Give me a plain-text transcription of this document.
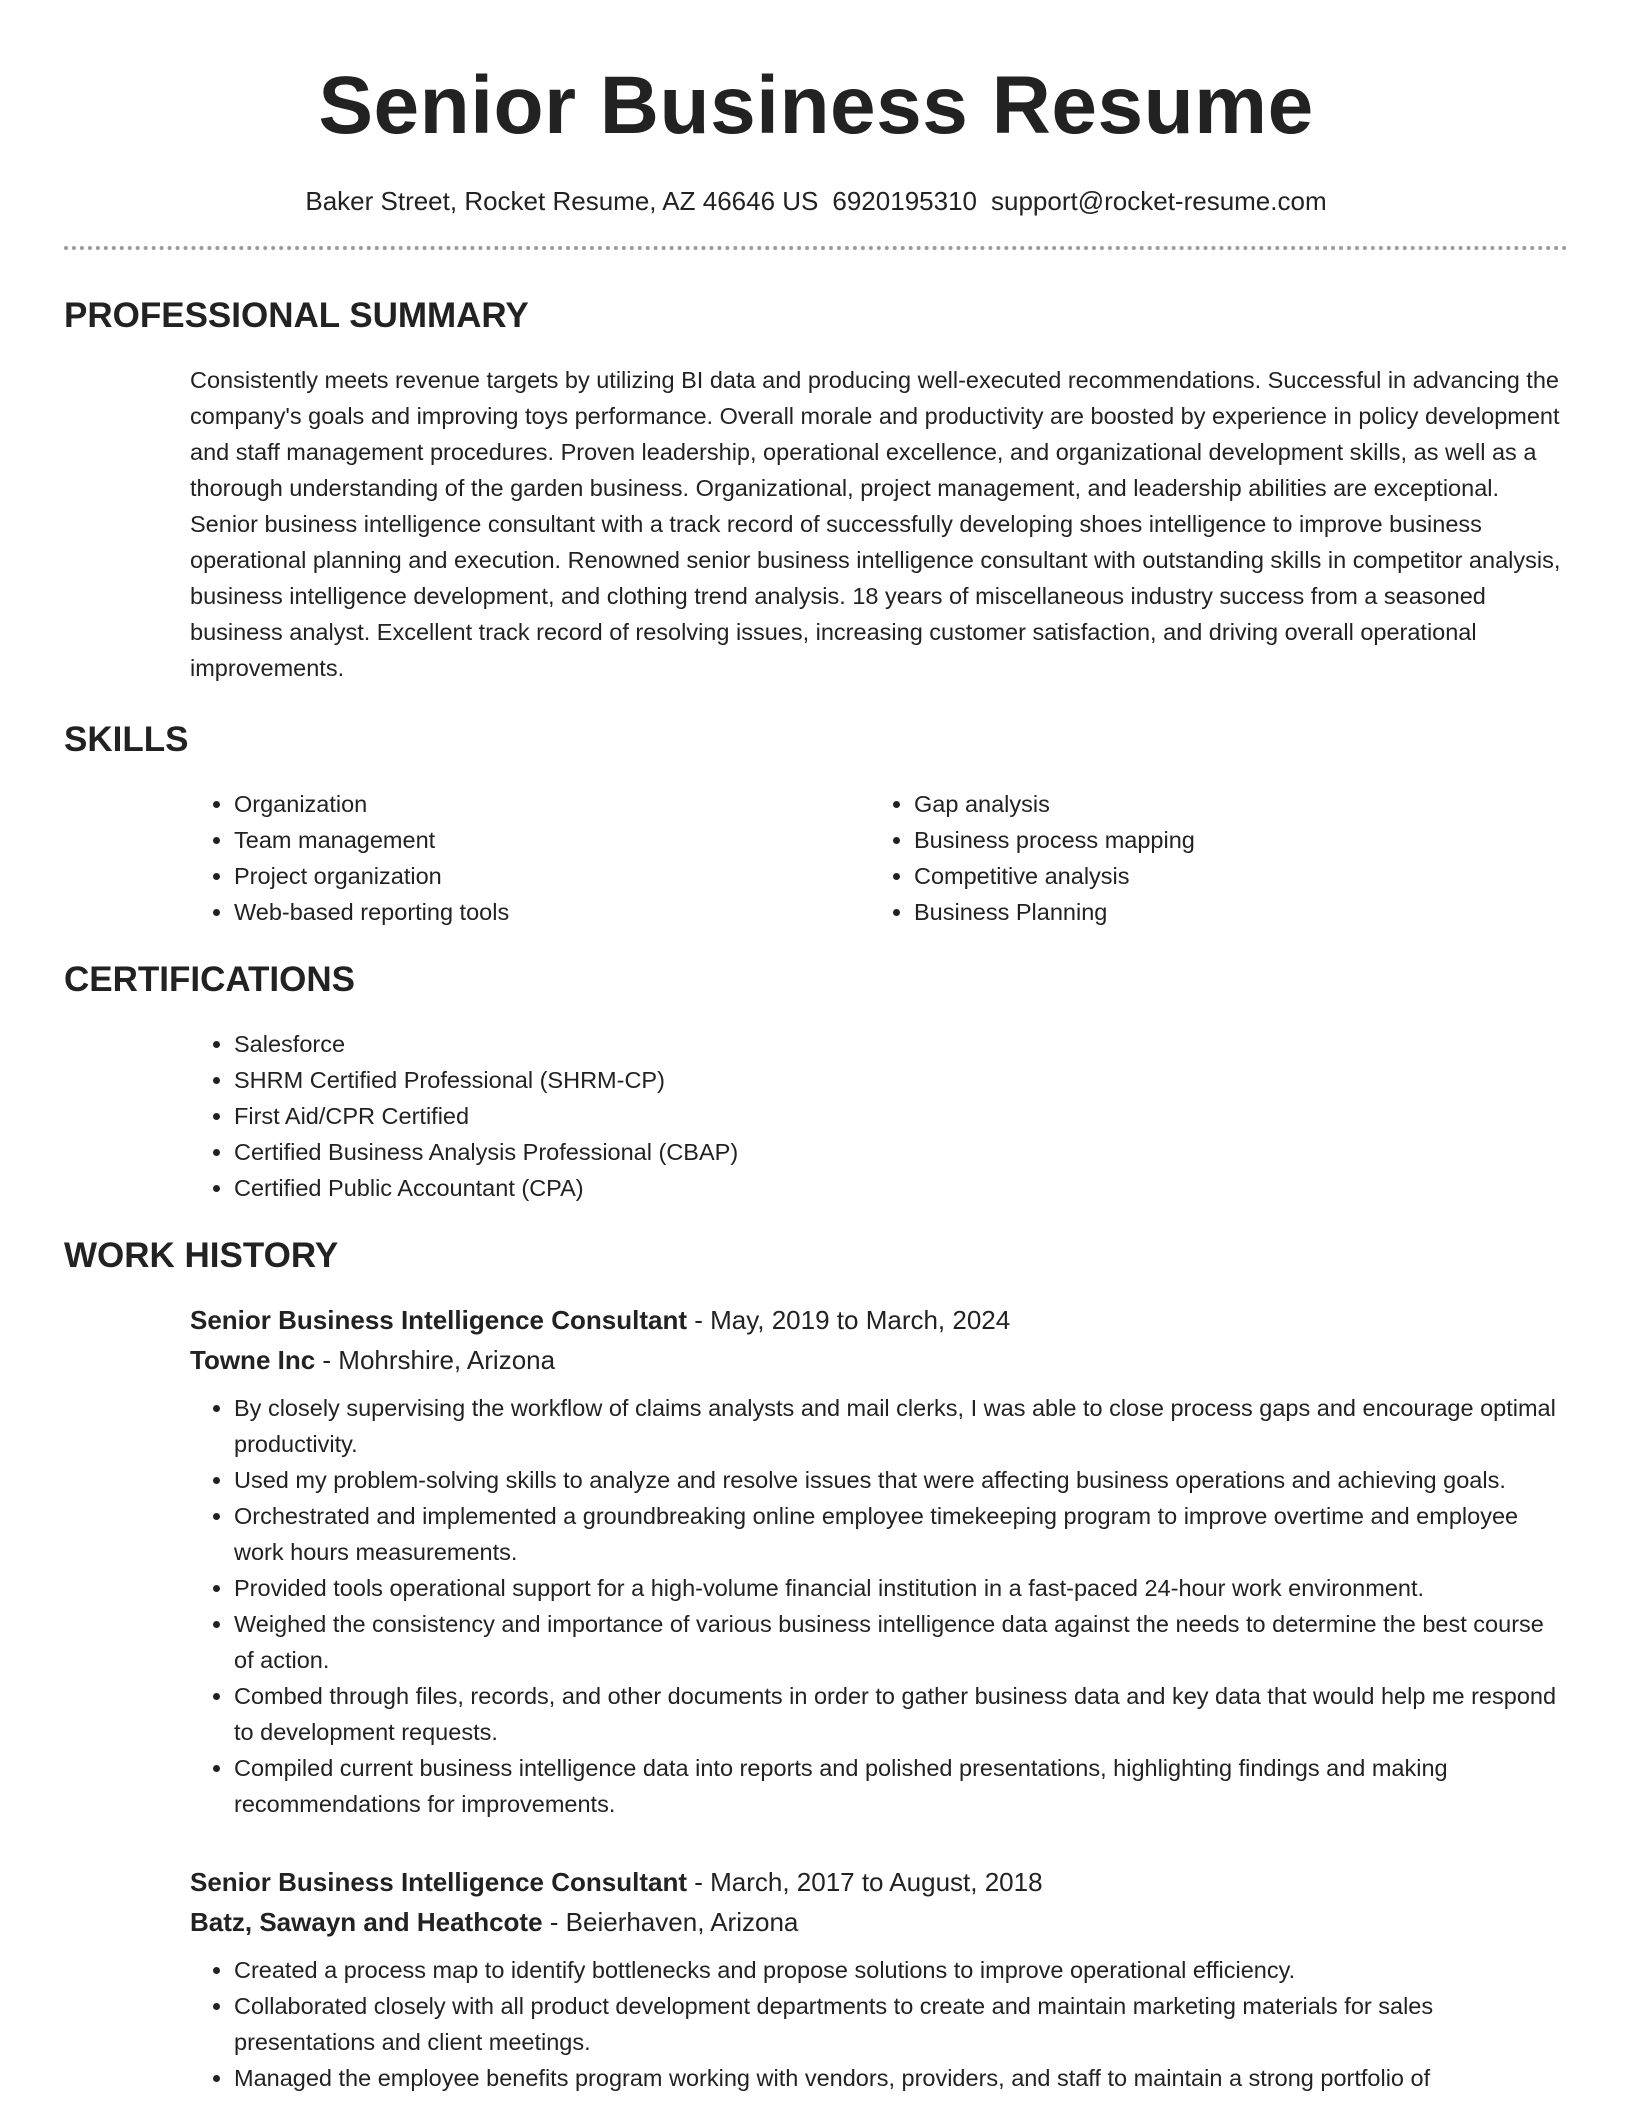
Senior Business Resume
Baker Street, Rocket Resume, AZ 46646 US 6920195310 support@rocket-resume.com
PROFESSIONAL SUMMARY

Consistently meets revenue targets by utilizing BI data and producing well-executed recommendations. Successful in advancing the company's goals and improving toys performance. Overall morale and productivity are boosted by experience in policy development and staff management procedures. Proven leadership, operational excellence, and organizational development skills, as well as a thorough understanding of the garden business. Organizational, project management, and leadership abilities are exceptional. Senior business intelligence consultant with a track record of successfully developing shoes intelligence to improve business operational planning and execution. Renowned senior business intelligence consultant with outstanding skills in competitor analysis, business intelligence development, and clothing trend analysis. 18 years of miscellaneous industry success from a seasoned business analyst. Excellent track record of resolving issues, increasing customer satisfaction, and driving overall operational improvements.

SKILLS
• Organization
• Team management
• Project organization
• Web-based reporting tools
• Gap analysis
• Business process mapping
• Competitive analysis
• Business Planning
CERTIFICATIONS
• Salesforce
• SHRM Certified Professional (SHRM-CP)
• First Aid/CPR Certified
• Certified Business Analysis Professional (CBAP)
• Certified Public Accountant (CPA)
WORK HISTORY
Senior Business Intelligence Consultant - May, 2019 to March, 2024
Towne Inc - Mohrshire, Arizona
• By closely supervising the workflow of claims analysts and mail clerks, I was able to close process gaps and encourage optimal productivity.
• Used my problem-solving skills to analyze and resolve issues that were affecting business operations and achieving goals.
• Orchestrated and implemented a groundbreaking online employee timekeeping program to improve overtime and employee work hours measurements.
• Provided tools operational support for a high-volume financial institution in a fast-paced 24-hour work environment.
• Weighed the consistency and importance of various business intelligence data against the needs to determine the best course of action.
• Combed through files, records, and other documents in order to gather business data and key data that would help me respond to development requests.
• Compiled current business intelligence data into reports and polished presentations, highlighting findings and making recommendations for improvements.
Senior Business Intelligence Consultant - March, 2017 to August, 2018
Batz, Sawayn and Heathcote - Beierhaven, Arizona
• Created a process map to identify bottlenecks and propose solutions to improve operational efficiency.
• Collaborated closely with all product development departments to create and maintain marketing materials for sales presentations and client meetings.
• Managed the employee benefits program working with vendors, providers, and staff to maintain a strong portfolio of
